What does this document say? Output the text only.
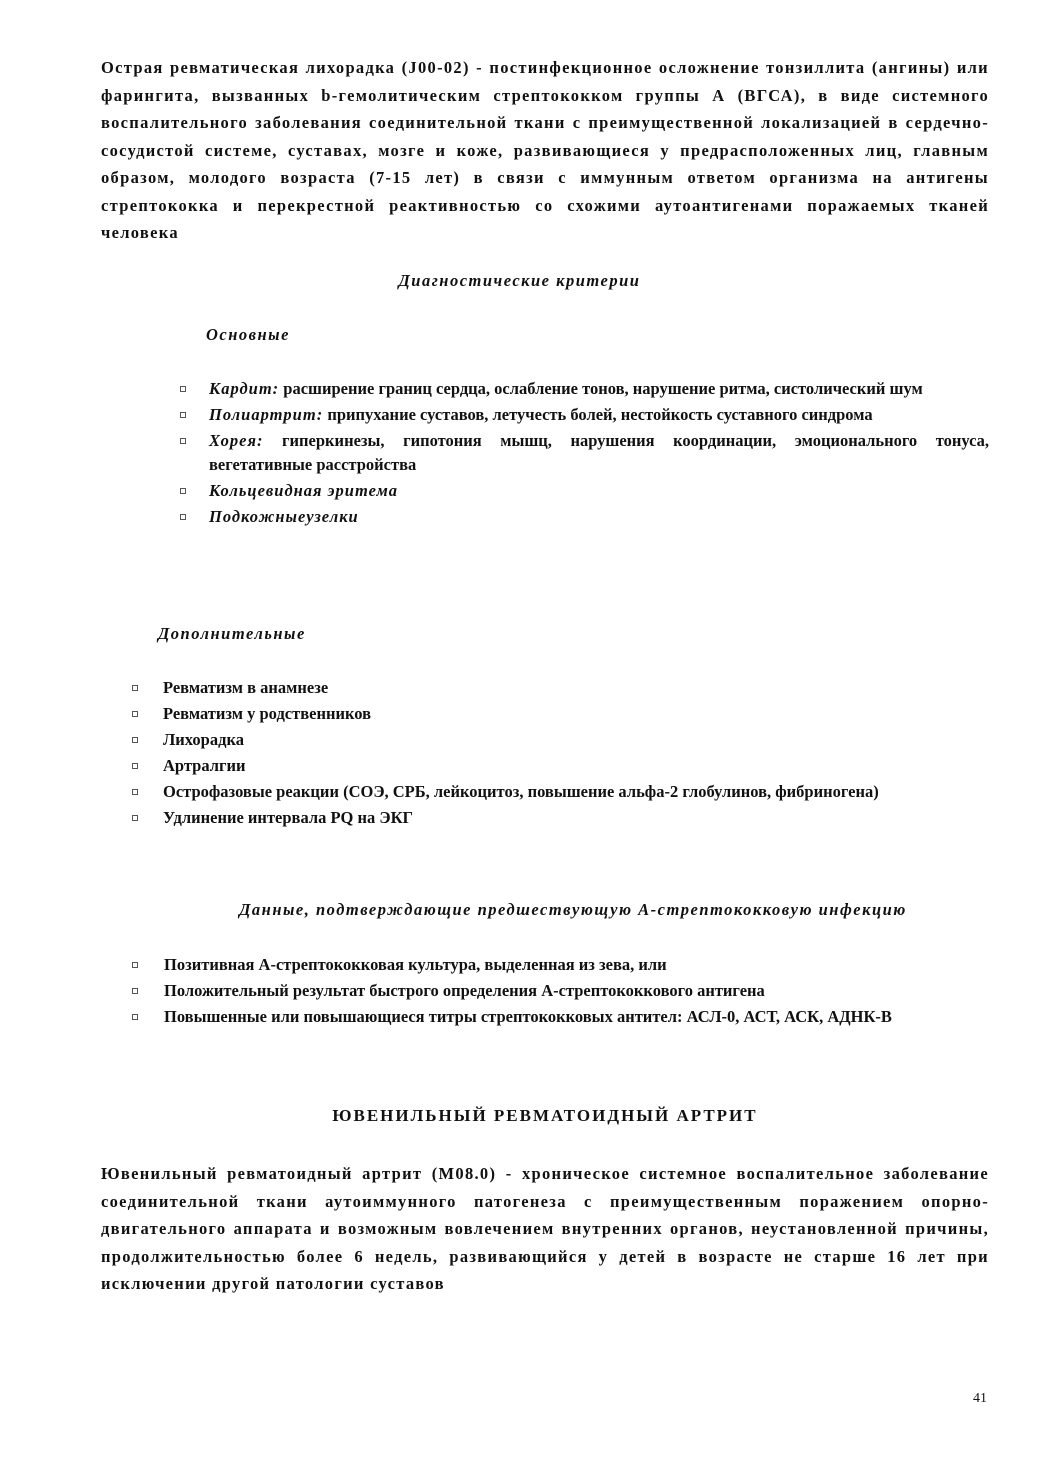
Острая ревматическая лихорадка (J00-02) - постинфекционное осложнение тонзиллита (ангины) или фарингита, вызванных b-гемолитическим стрептококком группы А (ВГСА), в виде системного воспалительного заболевания соединительной ткани с преимущественной локализацией в сердечно-сосудистой системе, суставах, мозге и коже, развивающиеся у предрасположенных лиц, главным образом, молодого возраста (7-15 лет) в связи с иммунным ответом организма на антигены стрептококка и перекрестной реактивностью со схожими аутоантигенами поражаемых тканей человека

Диагностические критерии

Основные

Кардит: расширение границ сердца, ослабление тонов, нарушение ритма, систолический шум
Полиартрит: припухание суставов, летучесть болей, нестойкость суставного синдрома
Хорея: гиперкинезы, гипотония мышц, нарушения координации, эмоционального тонуса, вегетативные расстройства
Кольцевидная эритема
Подкожныеузелки

Дополнительные

Ревматизм в анамнезе
Ревматизм у родственников
Лихорадка
Артралгии
Острофазовые реакции (СОЭ, СРБ, лейкоцитоз, повышение альфа-2 глобулинов, фибриногена)
Удлинение интервала PQ на ЭКГ

Данные, подтверждающие предшествующую А-стрептококковую инфекцию

Позитивная А-стрептококковая культура, выделенная из зева, или
Положительный результат быстрого определения А-стрептококкового антигена
Повышенные или повышающиеся титры стрептококковых антител: АСЛ-0, АСТ, АСК, АДНК-В

ЮВЕНИЛЬНЫЙ РЕВМАТОИДНЫЙ АРТРИТ

Ювенильный ревматоидный артрит (М08.0) - хроническое системное воспалительное заболевание соединительной ткани аутоиммунного патогенеза с преимущественным поражением опорно-двигательного аппарата и возможным вовлечением внутренних органов, неустановленной причины, продолжительностью более 6 недель, развивающийся у детей в возрасте не старше 16 лет при исключении другой патологии суставов

41
